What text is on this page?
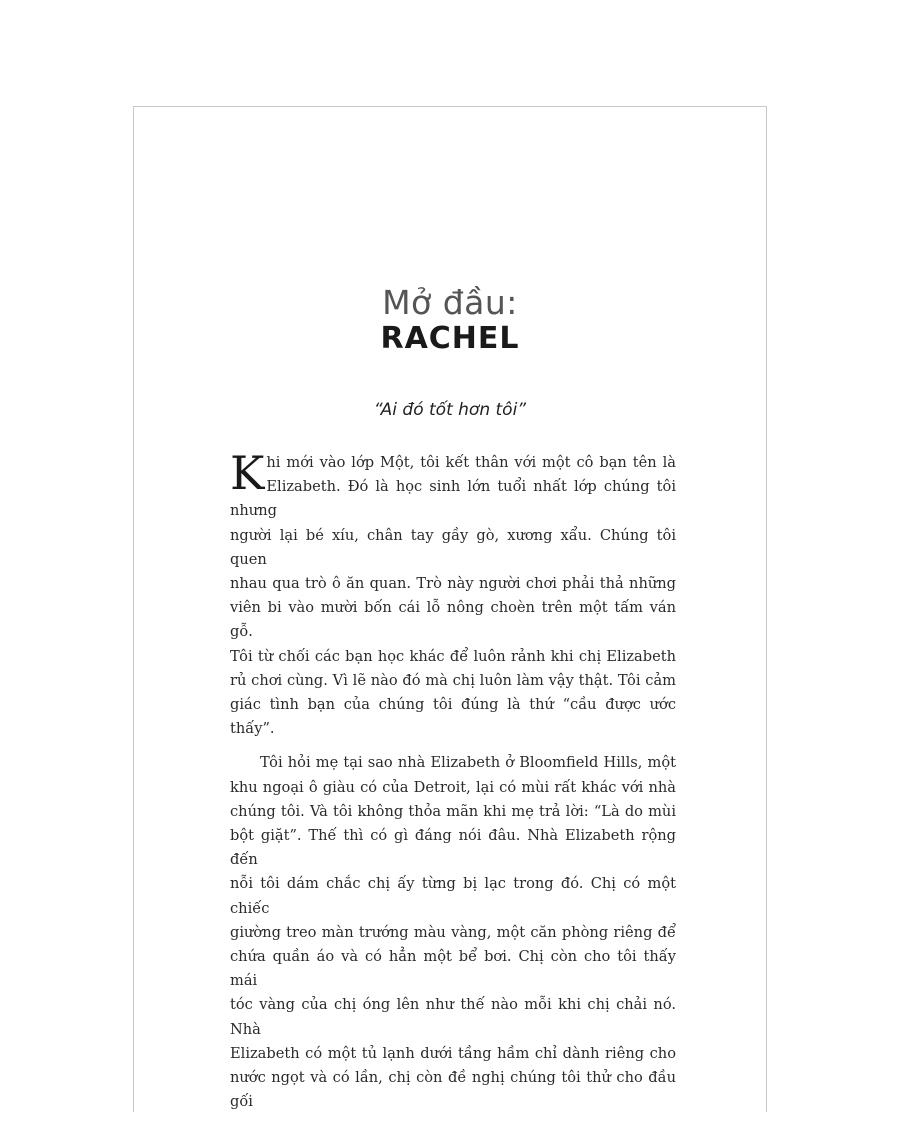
Mở đầu:
RACHEL
“Ai đó tốt hơn tôi”
K hi mới vào lớp Một, tôi kết thân với một cô bạn tên là
Elizabeth. Đó là học sinh lớn tuổi nhất lớp chúng tôi nhưng
người lại bé xíu, chân tay gầy gò, xương xẩu. Chúng tôi quen
nhau qua trò ô ăn quan. Trò này người chơi phải thả những
viên bi vào mười bốn cái lỗ nông choèn trên một tấm ván gỗ.
Tôi từ chối các bạn học khác để luôn rảnh khi chị Elizabeth
rủ chơi cùng. Vì lẽ nào đó mà chị luôn làm vậy thật. Tôi cảm
giác tình bạn của chúng tôi đúng là thứ “cầu được ước thấy”.
Tôi hỏi mẹ tại sao nhà Elizabeth ở Bloomfield Hills, một
khu ngoại ô giàu có của Detroit, lại có mùi rất khác với nhà
chúng tôi. Và tôi không thỏa mãn khi mẹ trả lời: “Là do mùi
bột giặt”. Thế thì có gì đáng nói đâu. Nhà Elizabeth rộng đến
nỗi tôi dám chắc chị ấy từng bị lạc trong đó. Chị có một chiếc
giường treo màn trướng màu vàng, một căn phòng riêng để
chứa quần áo và có hẳn một bể bơi. Chị còn cho tôi thấy mái
tóc vàng của chị óng lên như thế nào mỗi khi chị chải nó. Nhà
Elizabeth có một tủ lạnh dưới tầng hầm chỉ dành riêng cho
nước ngọt và có lần, chị còn đề nghị chúng tôi thử cho đầu gối
